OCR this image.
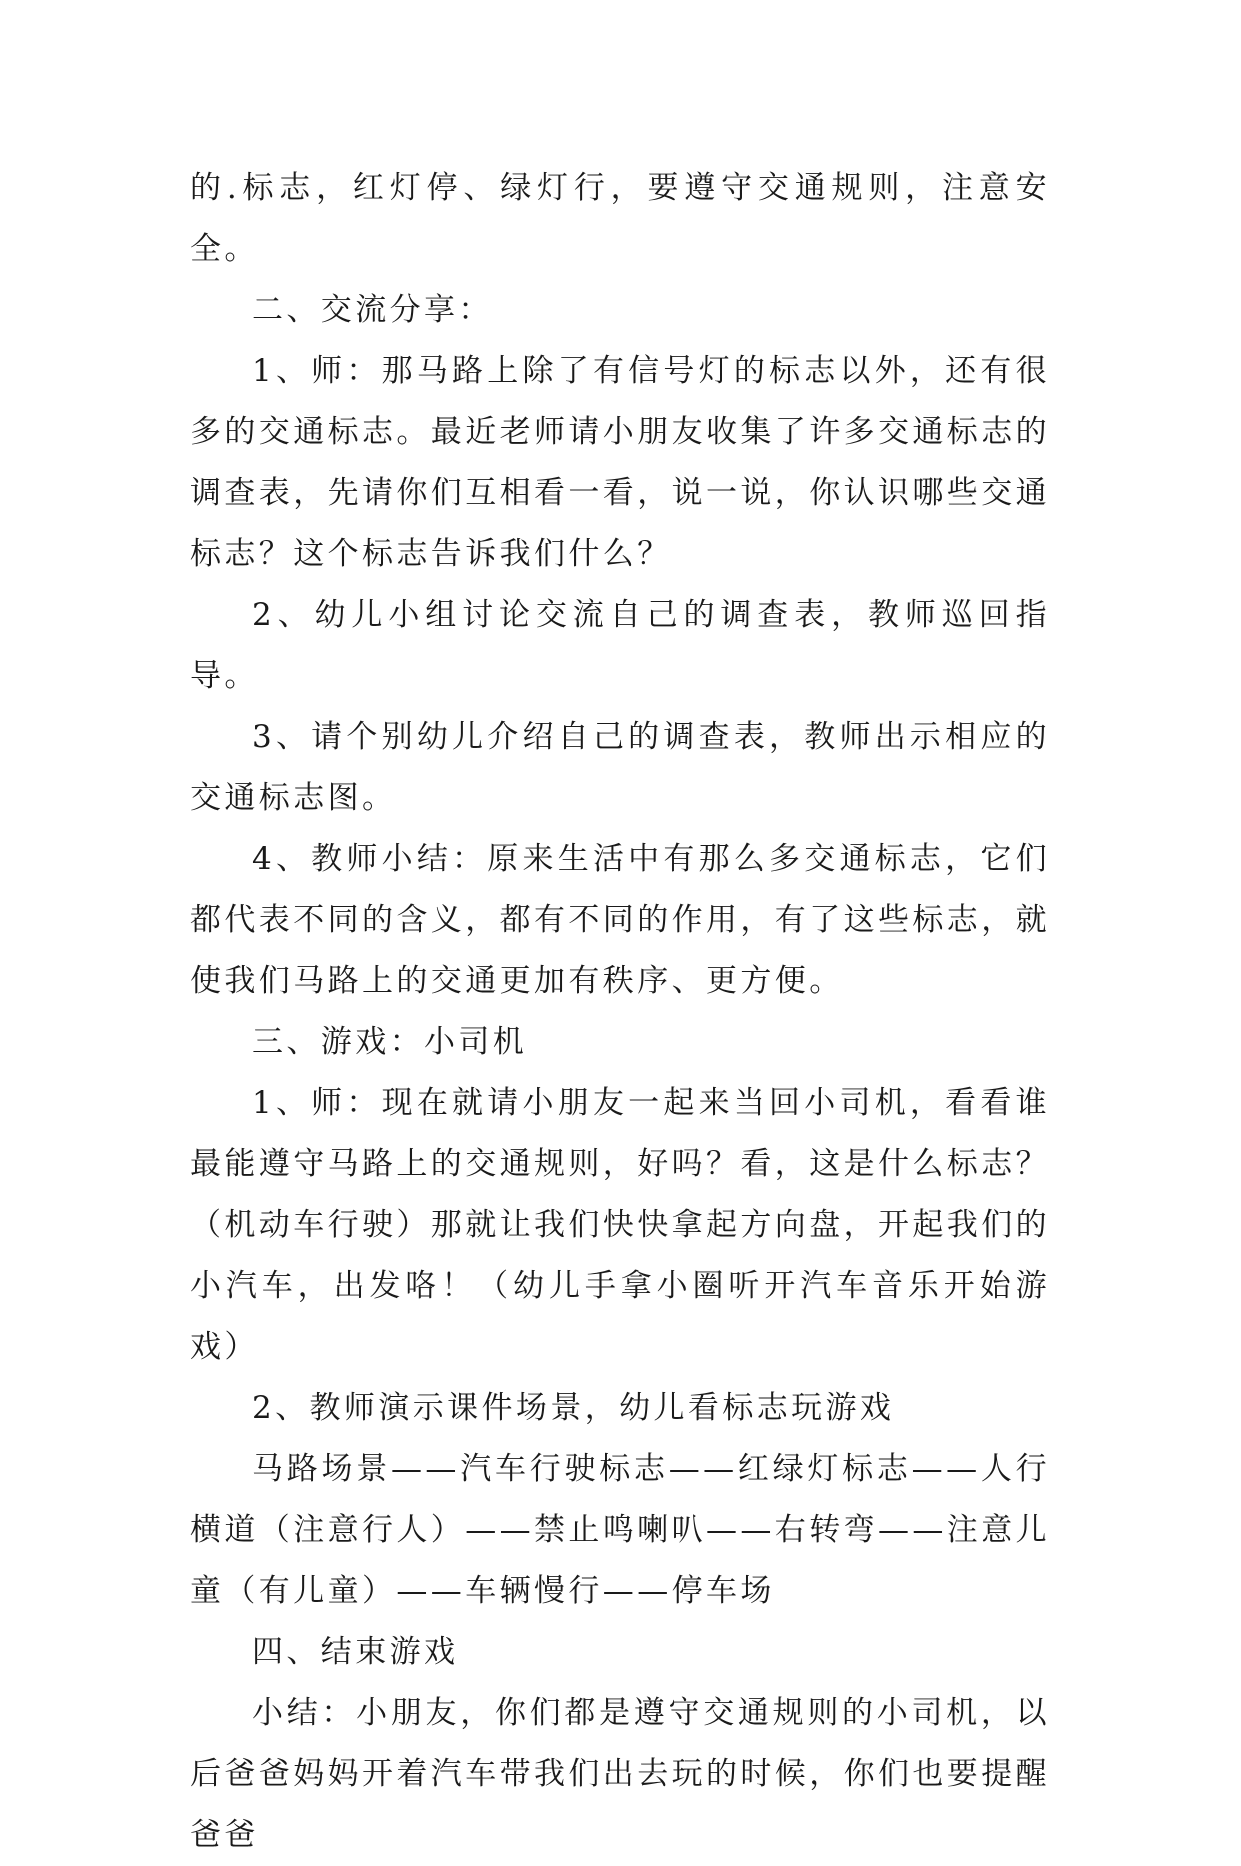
的.标志，红灯停、绿灯行，要遵守交通规则，注意安全。

二、交流分享：

1、师：那马路上除了有信号灯的标志以外，还有很多的交通标志。最近老师请小朋友收集了许多交通标志的调查表，先请你们互相看一看，说一说，你认识哪些交通标志？这个标志告诉我们什么？

2、幼儿小组讨论交流自己的调查表，教师巡回指导。

3、请个别幼儿介绍自己的调查表，教师出示相应的交通标志图。

4、教师小结：原来生活中有那么多交通标志，它们都代表不同的含义，都有不同的作用，有了这些标志，就使我们马路上的交通更加有秩序、更方便。

三、游戏：小司机

1、师：现在就请小朋友一起来当回小司机，看看谁最能遵守马路上的交通规则，好吗？看，这是什么标志？（机动车行驶）那就让我们快快拿起方向盘，开起我们的小汽车，出发咯！（幼儿手拿小圈听开汽车音乐开始游戏）

2、教师演示课件场景，幼儿看标志玩游戏

马路场景——汽车行驶标志——红绿灯标志——人行横道（注意行人）——禁止鸣喇叭——右转弯——注意儿童（有儿童）——车辆慢行——停车场

四、结束游戏

小结：小朋友，你们都是遵守交通规则的小司机，以后爸爸妈妈开着汽车带我们出去玩的时候，你们也要提醒爸爸
